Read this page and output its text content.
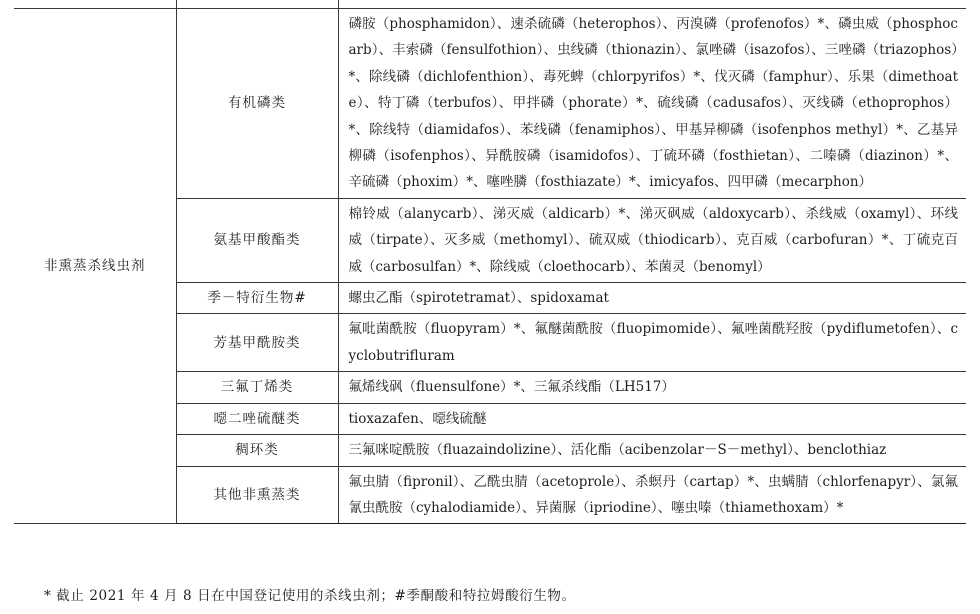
非熏蒸杀线虫剂	有机磷类	磷胺（phosphamidon）、速杀硫磷（heterophos）、丙溴磷（profenofos）*、磷虫威（phosphocarb）、丰索磷（fensulfothion）、虫线磷（thionazin）、氯唑磷（isazofos）、三唑磷（triazophos）*、除线磷（dichlofenthion）、毒死蜱（chlorpyrifos）*、伐灭磷（famphur）、乐果（dimethoate）、特丁磷（terbufos）、甲拌磷（phorate）*、硫线磷（cadusafos）、灭线磷（ethoprophos）*、除线特（diamidafos）、苯线磷（fenamiphos）、甲基异柳磷（isofenphos methyl）*、乙基异柳磷（isofenphos）、异酰胺磷（isamidofos）、丁硫环磷（fosthietan）、二嗪磷（diazinon）*、辛硫磷（phoxim）*、噻唑膦（fosthiazate）*、imicyafos、四甲磷（mecarphon）
	氨基甲酸酯类	棉铃威（alanycarb）、涕灭威（aldicarb）*、涕灭砜威（aldoxycarb）、杀线威（oxamyl）、环线威（tirpate）、灭多威（methomyl）、硫双威（thiodicarb）、克百威（carbofuran）*、丁硫克百威（carbosulfan）*、除线威（cloethocarb）、苯菌灵（benomyl）
	季－特衍生物#	螺虫乙酯（spirotetramat）、spidoxamat
	芳基甲酰胺类	氟吡菌酰胺（fluopyram）*、氟醚菌酰胺（fluopimomide）、氟唑菌酰羟胺（pydiflumetofen）、cyclobutrifluram
	三氟丁烯类	氟烯线砜（fluensulfone）*、三氟杀线酯（LH517）
	噁二唑硫醚类	tioxazafen、噁线硫醚
	稠环类	三氟咪啶酰胺（fluazaindolizine）、活化酯（acibenzolar－S－methyl）、benclothiaz
	其他非熏蒸类	氟虫腈（fipronil）、乙酰虫腈（acetoprole）、杀螟丹（cartap）*、虫螨腈（chlorfenapyr）、氯氟氰虫酰胺（cyhalodiamide）、异菌脲（ipriodine）、噻虫嗪（thiamethoxam）*
* 截止 2021 年 4 月 8 日在中国登记使用的杀线虫剂；#季酮酸和特拉姆酸衍生物。
